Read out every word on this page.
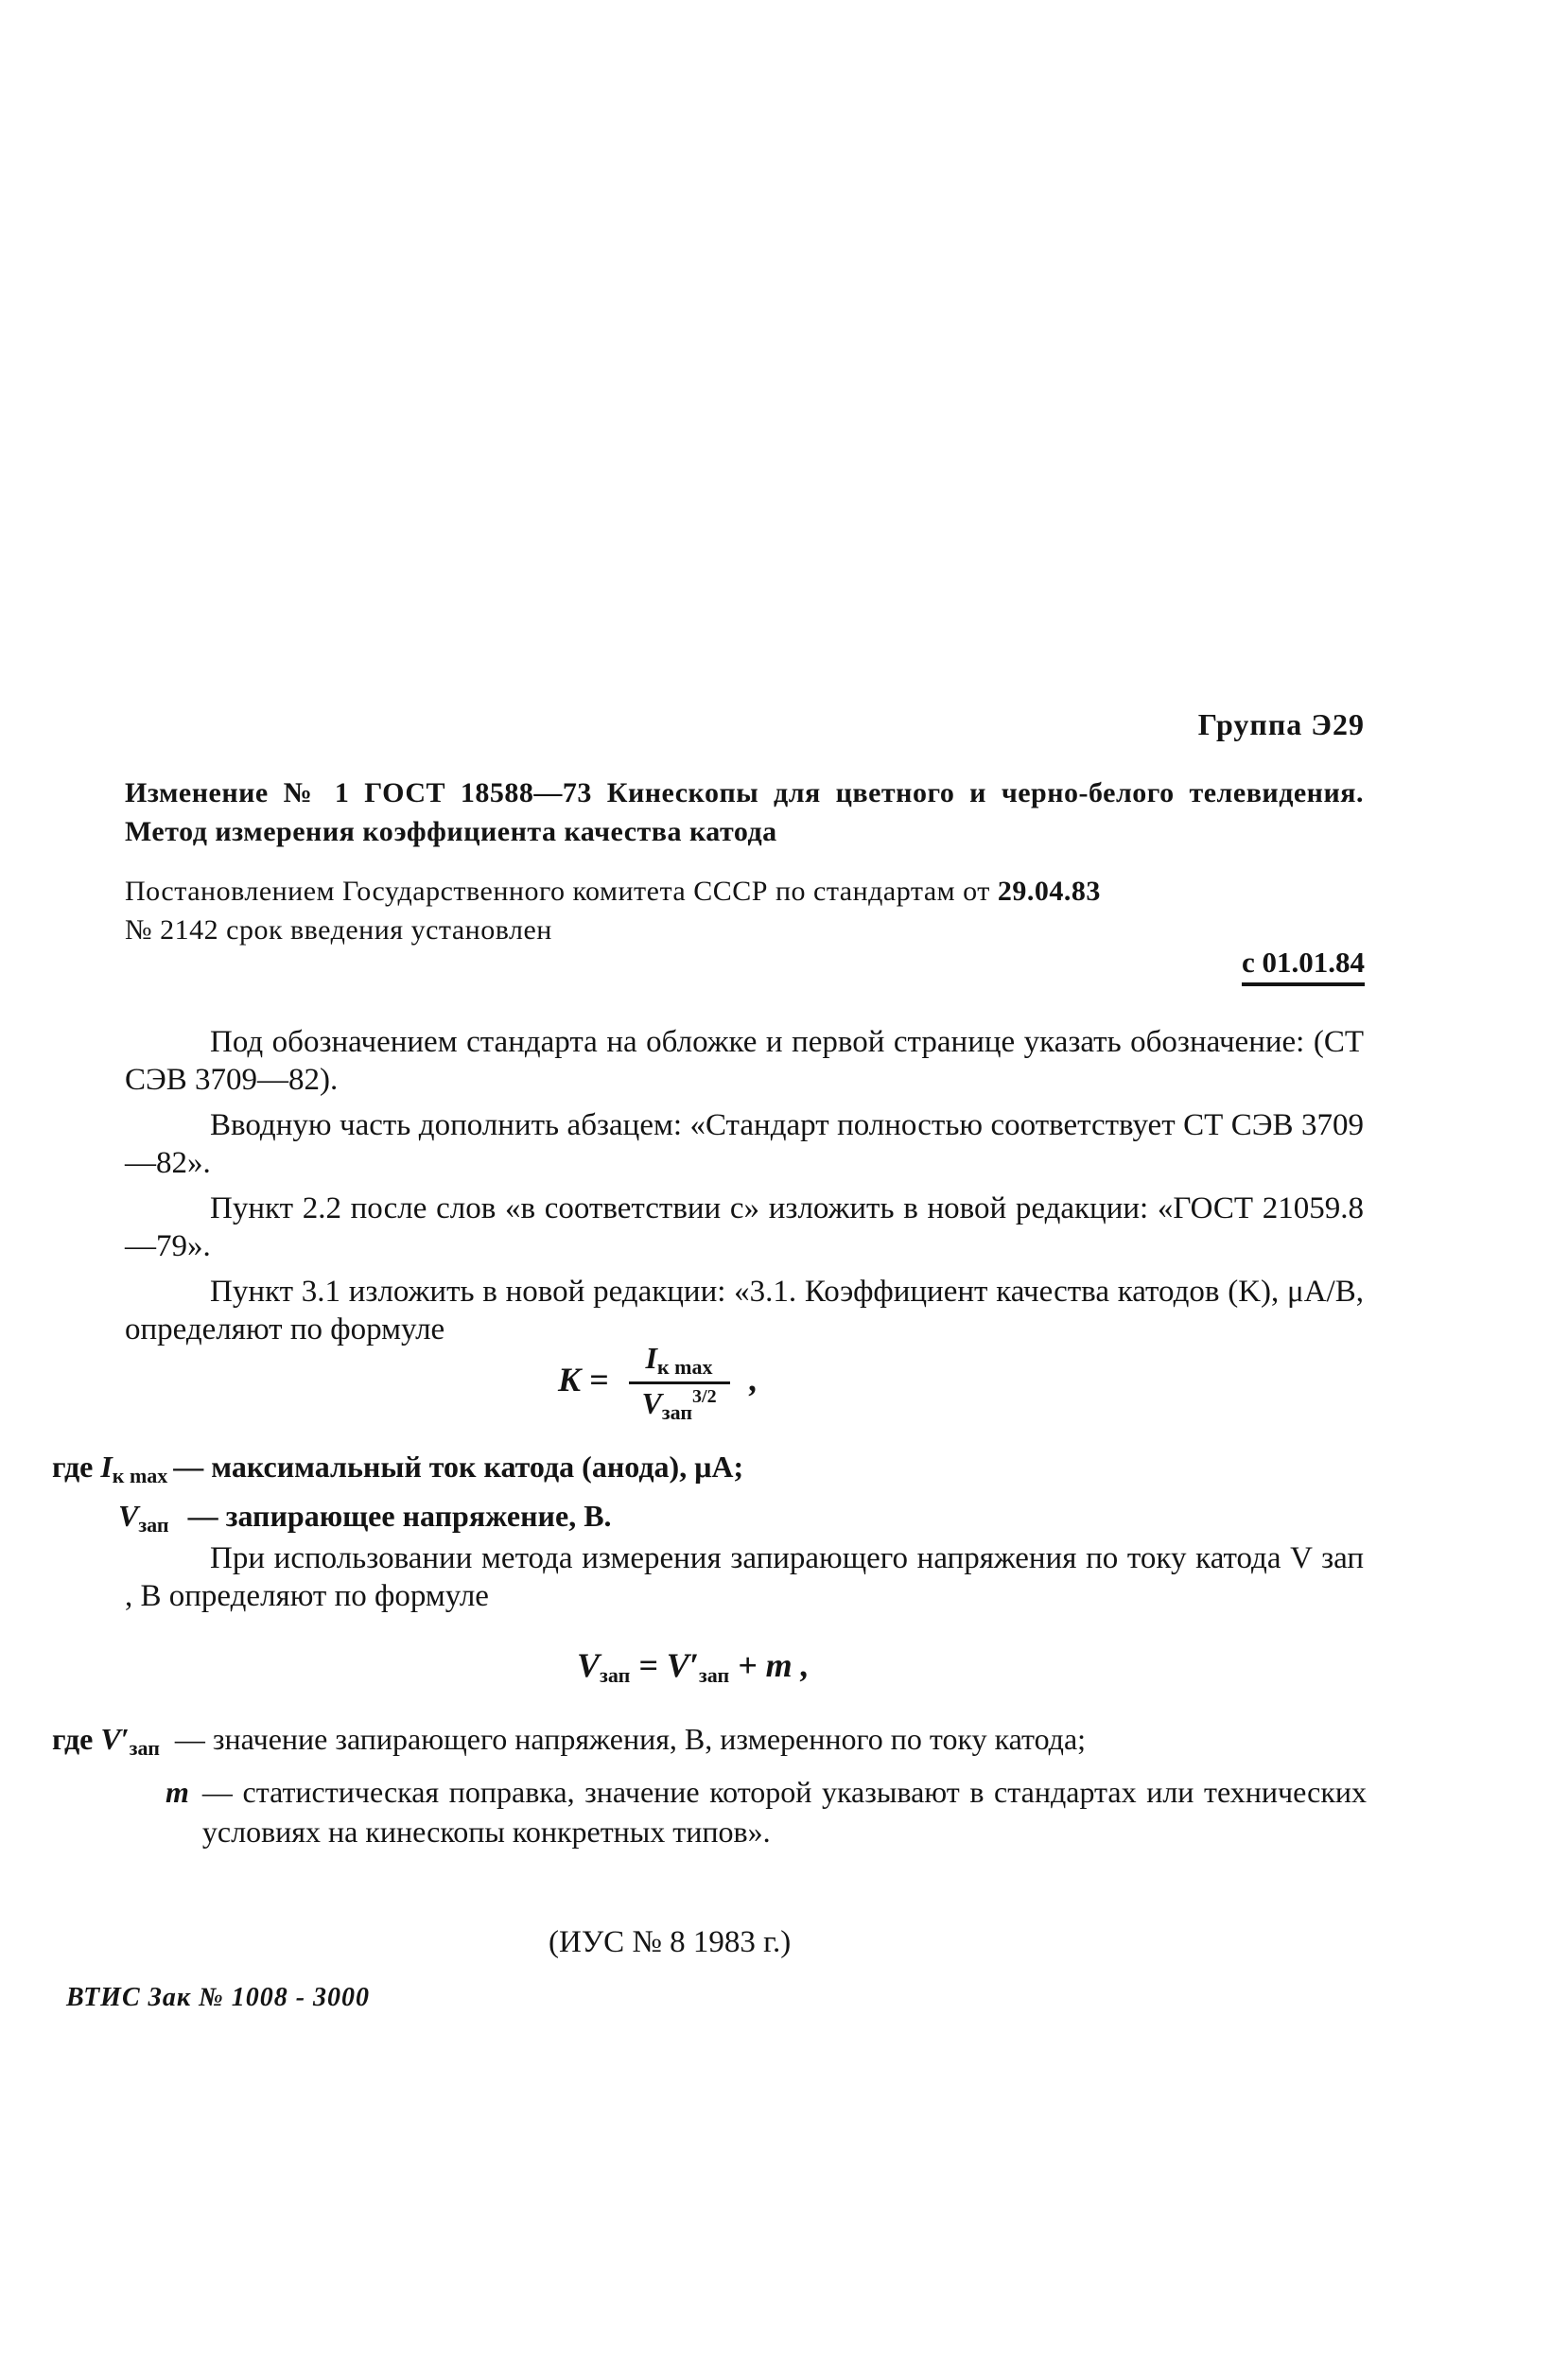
Группа Э29
Изменение № 1 ГОСТ 18588—73 Кинескопы для цветного и черно-белого телевидения. Метод измерения коэффициента качества катода
Постановлением Государственного комитета СССР по стандартам от 29.04.83
№ 2142 срок введения установлен
с 01.01.84

Под обозначением стандарта на обложке и первой странице указать обозначение: (СТ СЭВ 3709—82).

Вводную часть дополнить абзацем: «Стандарт полностью соответствует СТ СЭВ 3709—82».

Пункт 2.2 после слов «в соответствии с» изложить в новой редакции: «ГОСТ 21059.8—79».

Пункт 3.1 изложить в новой редакции: «3.1. Коэффициент качества катодов (K), μA/B, определяют по формуле

$K = \frac{I_{к max}}{V_{зап}^{3/2}}$ ,
где $I_{к max}$ — максимальный ток катода (анода), μA;
$V_{зап}$ — запирающее напряжение, В.

При использовании метода измерения запирающего напряжения по току катода V зап , В определяют по формуле

$V_{зап} = V'_{зап} + m$ ,
где $V'_{зап}$ — значение запирающего напряжения, В, измеренного по току катода;
m — статистическая поправка, значение которой указывают в стандартах или технических условиях на кинескопы конкретных типов».
(ИУС № 8 1983 г.)
ВТИС Зак № 1008 - 3000
